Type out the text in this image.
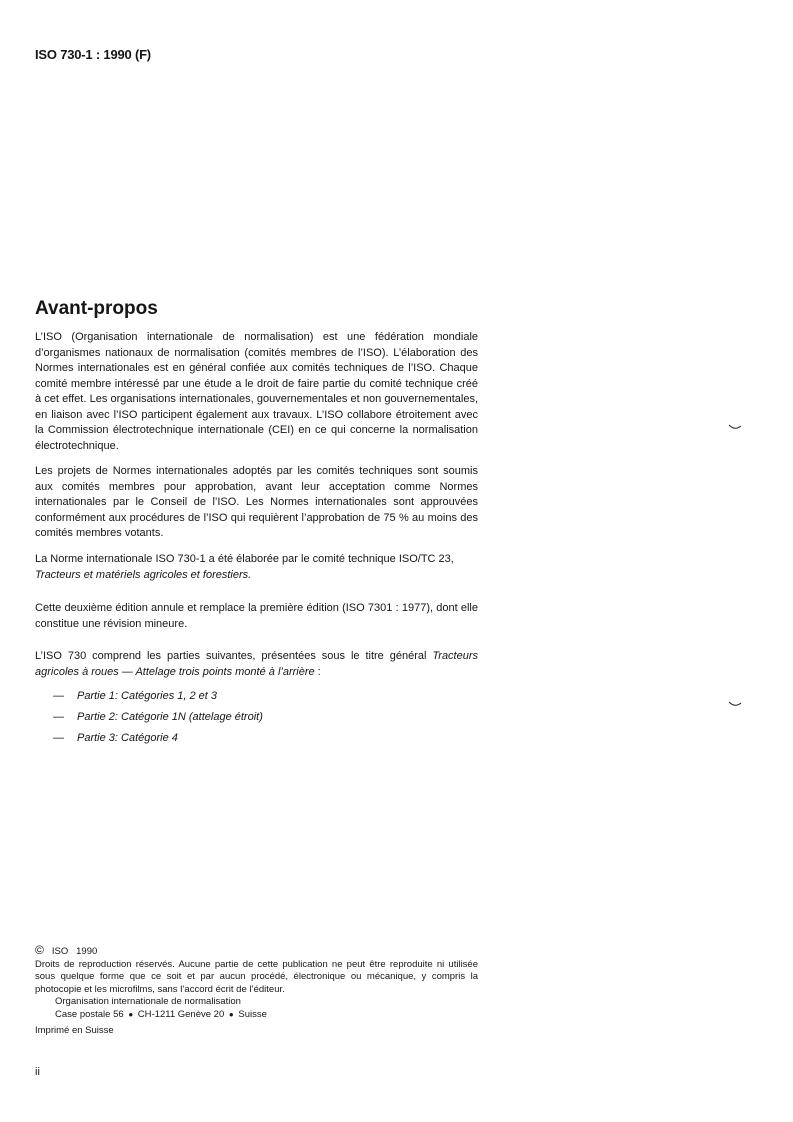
ISO 730-1 : 1990 (F)
Avant-propos

L’ISO (Organisation internationale de normalisation) est une fédération mondiale d’organismes nationaux de normalisation (comités membres de l’ISO). L’élaboration des Normes internationales est en général confiée aux comités techniques de l’ISO. Chaque comité membre intéressé par une étude a le droit de faire partie du comité technique créé à cet effet. Les organisations internationales, gouvernementales et non gouvernementales, en liaison avec l’ISO participent également aux travaux. L’ISO collabore étroitement avec la Commission électrotechnique internationale (CEI) en ce qui concerne la normalisation électrotechnique.

Les projets de Normes internationales adoptés par les comités techniques sont soumis aux comités membres pour approbation, avant leur acceptation comme Normes internationales par le Conseil de l’ISO. Les Normes internationales sont approuvées conformément aux procédures de l’ISO qui requièrent l’approbation de 75 % au moins des comités membres votants.

La Norme internationale ISO 730-1 a été élaborée par le comité technique ISO/TC 23,
Tracteurs et matériels agricoles et forestiers.

Cette deuxième édition annule et remplace la première édition (ISO 7301 : 1977), dont elle constitue une révision mineure.

L’ISO 730 comprend les parties suivantes, présentées sous le titre général Tracteurs agricoles à roues — Attelage trois points monté à l’arrière :

— Partie 1: Catégories 1, 2 et 3
— Partie 2: Catégorie 1N (attelage étroit)
— Partie 3: Catégorie 4

© ISO   1990

Droits de reproduction réservés. Aucune partie de cette publication ne peut être reproduite ni utilisée sous quelque forme que ce soit et par aucun procédé, électronique ou mécanique, y compris la photocopie et les microfilms, sans l’accord écrit de l’éditeur.

Organisation internationale de normalisation

Case postale 56 ● CH-1211 Genève 20 ● Suisse

Imprimé en Suisse

ii
